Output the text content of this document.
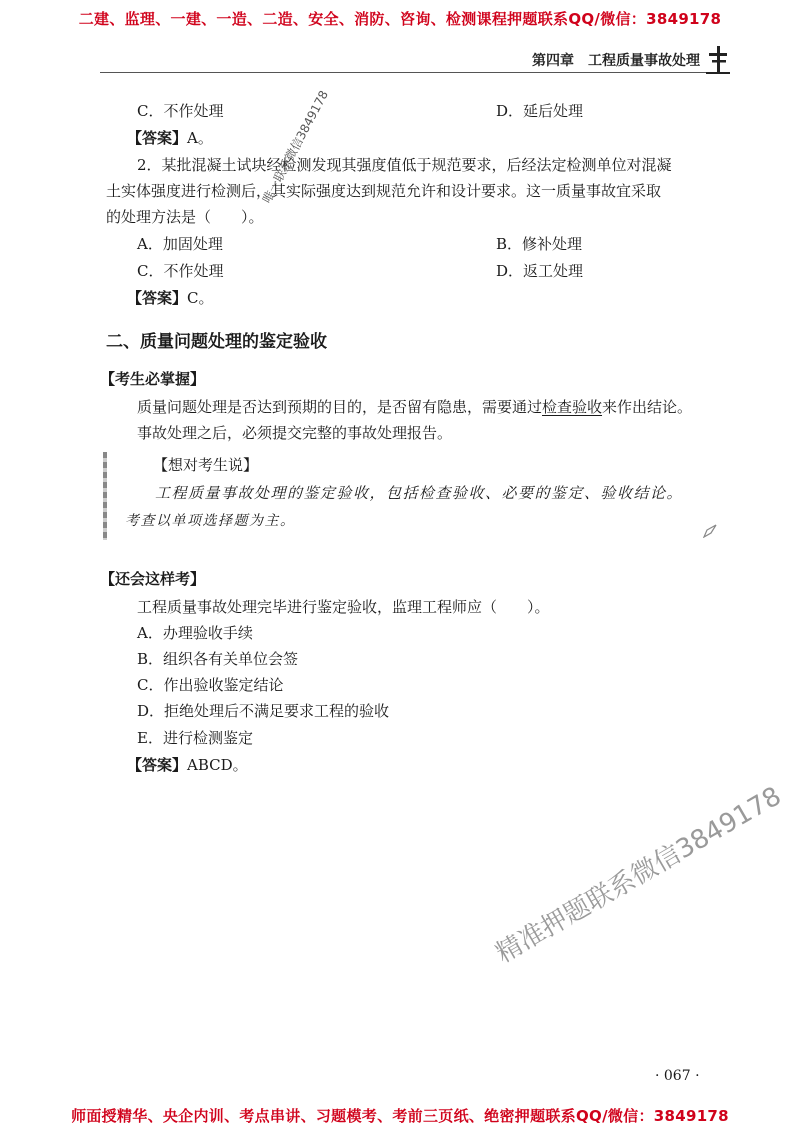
二建、监理、一建、一造、二造、安全、消防、咨询、检测课程押题联系QQ/微信：3849178
第四章　工程质量事故处理
C．不作处理	D．延后处理
【答案】A。
2．某批混凝土试块经检测发现其强度值低于规范要求，后经法定检测单位对混凝
土实体强度进行检测后，其实际强度达到规范允许和设计要求。这一质量事故宜采取
的处理方法是（　　）。
A．加固处理	B．修补处理
C．不作处理	D．返工处理
【答案】C。
二、质量问题处理的鉴定验收
【考生必掌握】
质量问题处理是否达到预期的目的，是否留有隐患，需要通过检查验收来作出结论。
事故处理之后，必须提交完整的事故处理报告。
【想对考生说】
工程质量事故处理的鉴定验收，包括检查验收、必要的鉴定、验收结论。
考查以单项选择题为主。
【还会这样考】
工程质量事故处理完毕进行鉴定验收，监理工程师应（　　）。
A．办理验收手续
B．组织各有关单位会签
C．作出验收鉴定结论
D．拒绝处理后不满足要求工程的验收
E．进行检测鉴定
【答案】ABCD。
唯一联系微信3849178
精准押题联系微信3849178
· 067 ·
师面授精华、央企内训、考点串讲、习题模考、考前三页纸、绝密押题联系QQ/微信：3849178
